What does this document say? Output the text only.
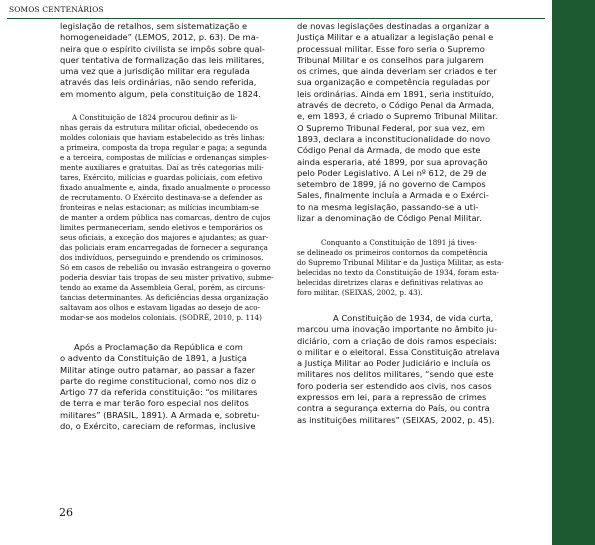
SOMOS CENTENÁRIOS
legislação de retalhos, sem sistematização e
homogeneidade” (LEMOS, 2012, p. 63). De ma-
neira que o espírito civilista se impôs sobre qual-
quer tentativa de formalização das leis militares,
uma vez que a jurisdição militar era regulada
através das leis ordinárias, não sendo referida,
em momento algum, pela constituição de 1824.
A Constituição de 1824 procurou definir as li-
nhas gerais da estrutura militar oficial, obedecendo os
moldes coloniais que haviam estabelecido as três linhas:
a primeira, composta da tropa regular e paga; a segunda
e a terceira, compostas de milícias e ordenanças simples-
mente auxiliares e gratuitas. Daí as três categorias mili-
tares, Exército, milícias e guardas policiais, com efetivo
fixado anualmente e, ainda, fixado anualmente o processo
de recrutamento. O Exército destinava-se a defender as
fronteiras e nelas estacionar; as milícias incumbiam-se
de manter a ordem pública nas comarcas, dentro de cujos
limites permaneceriam, sendo eletivos e temporários os
seus oficiais, a exceção dos majores e ajudantes; as guar-
das policiais eram encarregadas de fornecer a segurança
dos indivíduos, perseguindo e prendendo os criminosos.
Só em casos de rebelião ou invasão estrangeira o governo
poderia desviar tais tropas de seu mister privativo, subme-
tendo ao exame da Assembleia Geral, porém, as circuns-
tancias determinantes. As deficiências dessa organização
saltavam aos olhos e estavam ligadas ao desejo de aco-
modar-se aos modelos coloniais. (SODRÉ, 2010, p. 114)
Após a Proclamação da República e com
o advento da Constituição de 1891, a Justiça
Militar atinge outro patamar, ao passar a fazer
parte do regime constitucional, como nos diz o
Artigo 77 da referida constituição: “os militares
de terra e mar terão foro especial nos delitos
militares” (BRASIL, 1891). A Armada e, sobretu-
do, o Exército, careciam de reformas, inclusive
de novas legislações destinadas a organizar a
Justiça Militar e a atualizar a legislação penal e
processual militar. Esse foro seria o Supremo
Tribunal Militar e os conselhos para julgarem
os crimes, que ainda deveriam ser criados e ter
sua organização e competência reguladas por
leis ordinárias. Ainda em 1891, seria instituído,
através de decreto, o Código Penal da Armada,
e, em 1893, é criado o Supremo Tribunal Militar.
O Supremo Tribunal Federal, por sua vez, em
1893, declara a inconstitucionalidade do novo
Código Penal da Armada, de modo que este
ainda esperaria, até 1899, por sua aprovação
pelo Poder Legislativo. A Lei nº 612, de 29 de
setembro de 1899, já no governo de Campos
Sales, finalmente incluía a Armada e o Exérci-
to na mesma legislação, passando-se a uti-
lizar a denominação de Código Penal Militar.
Conquanto a Constituição de 1891 já tives-
se delineado os primeiros contornos da competência
do Supremo Tribunal Militar e da Justiça Militar, as esta-
belecidas no texto da Constituição de 1934, foram esta-
belecidas diretrizes claras e definitivas relativas ao
foro militar. (SEIXAS, 2002, p. 43).
A Constituição de 1934, de vida curta,
marcou uma inovação importante no âmbito ju-
diciário, com a criação de dois ramos especiais:
o militar e o eleitoral. Essa Constituição atrelava
a Justiça Militar ao Poder Judiciário e incluía os
militares nos delitos militares, “sendo que este
foro poderia ser estendido aos civis, nos casos
expressos em lei, para a repressão de crimes
contra a segurança externa do País, ou contra
as instituições militares” (SEIXAS, 2002, p. 45).
26
